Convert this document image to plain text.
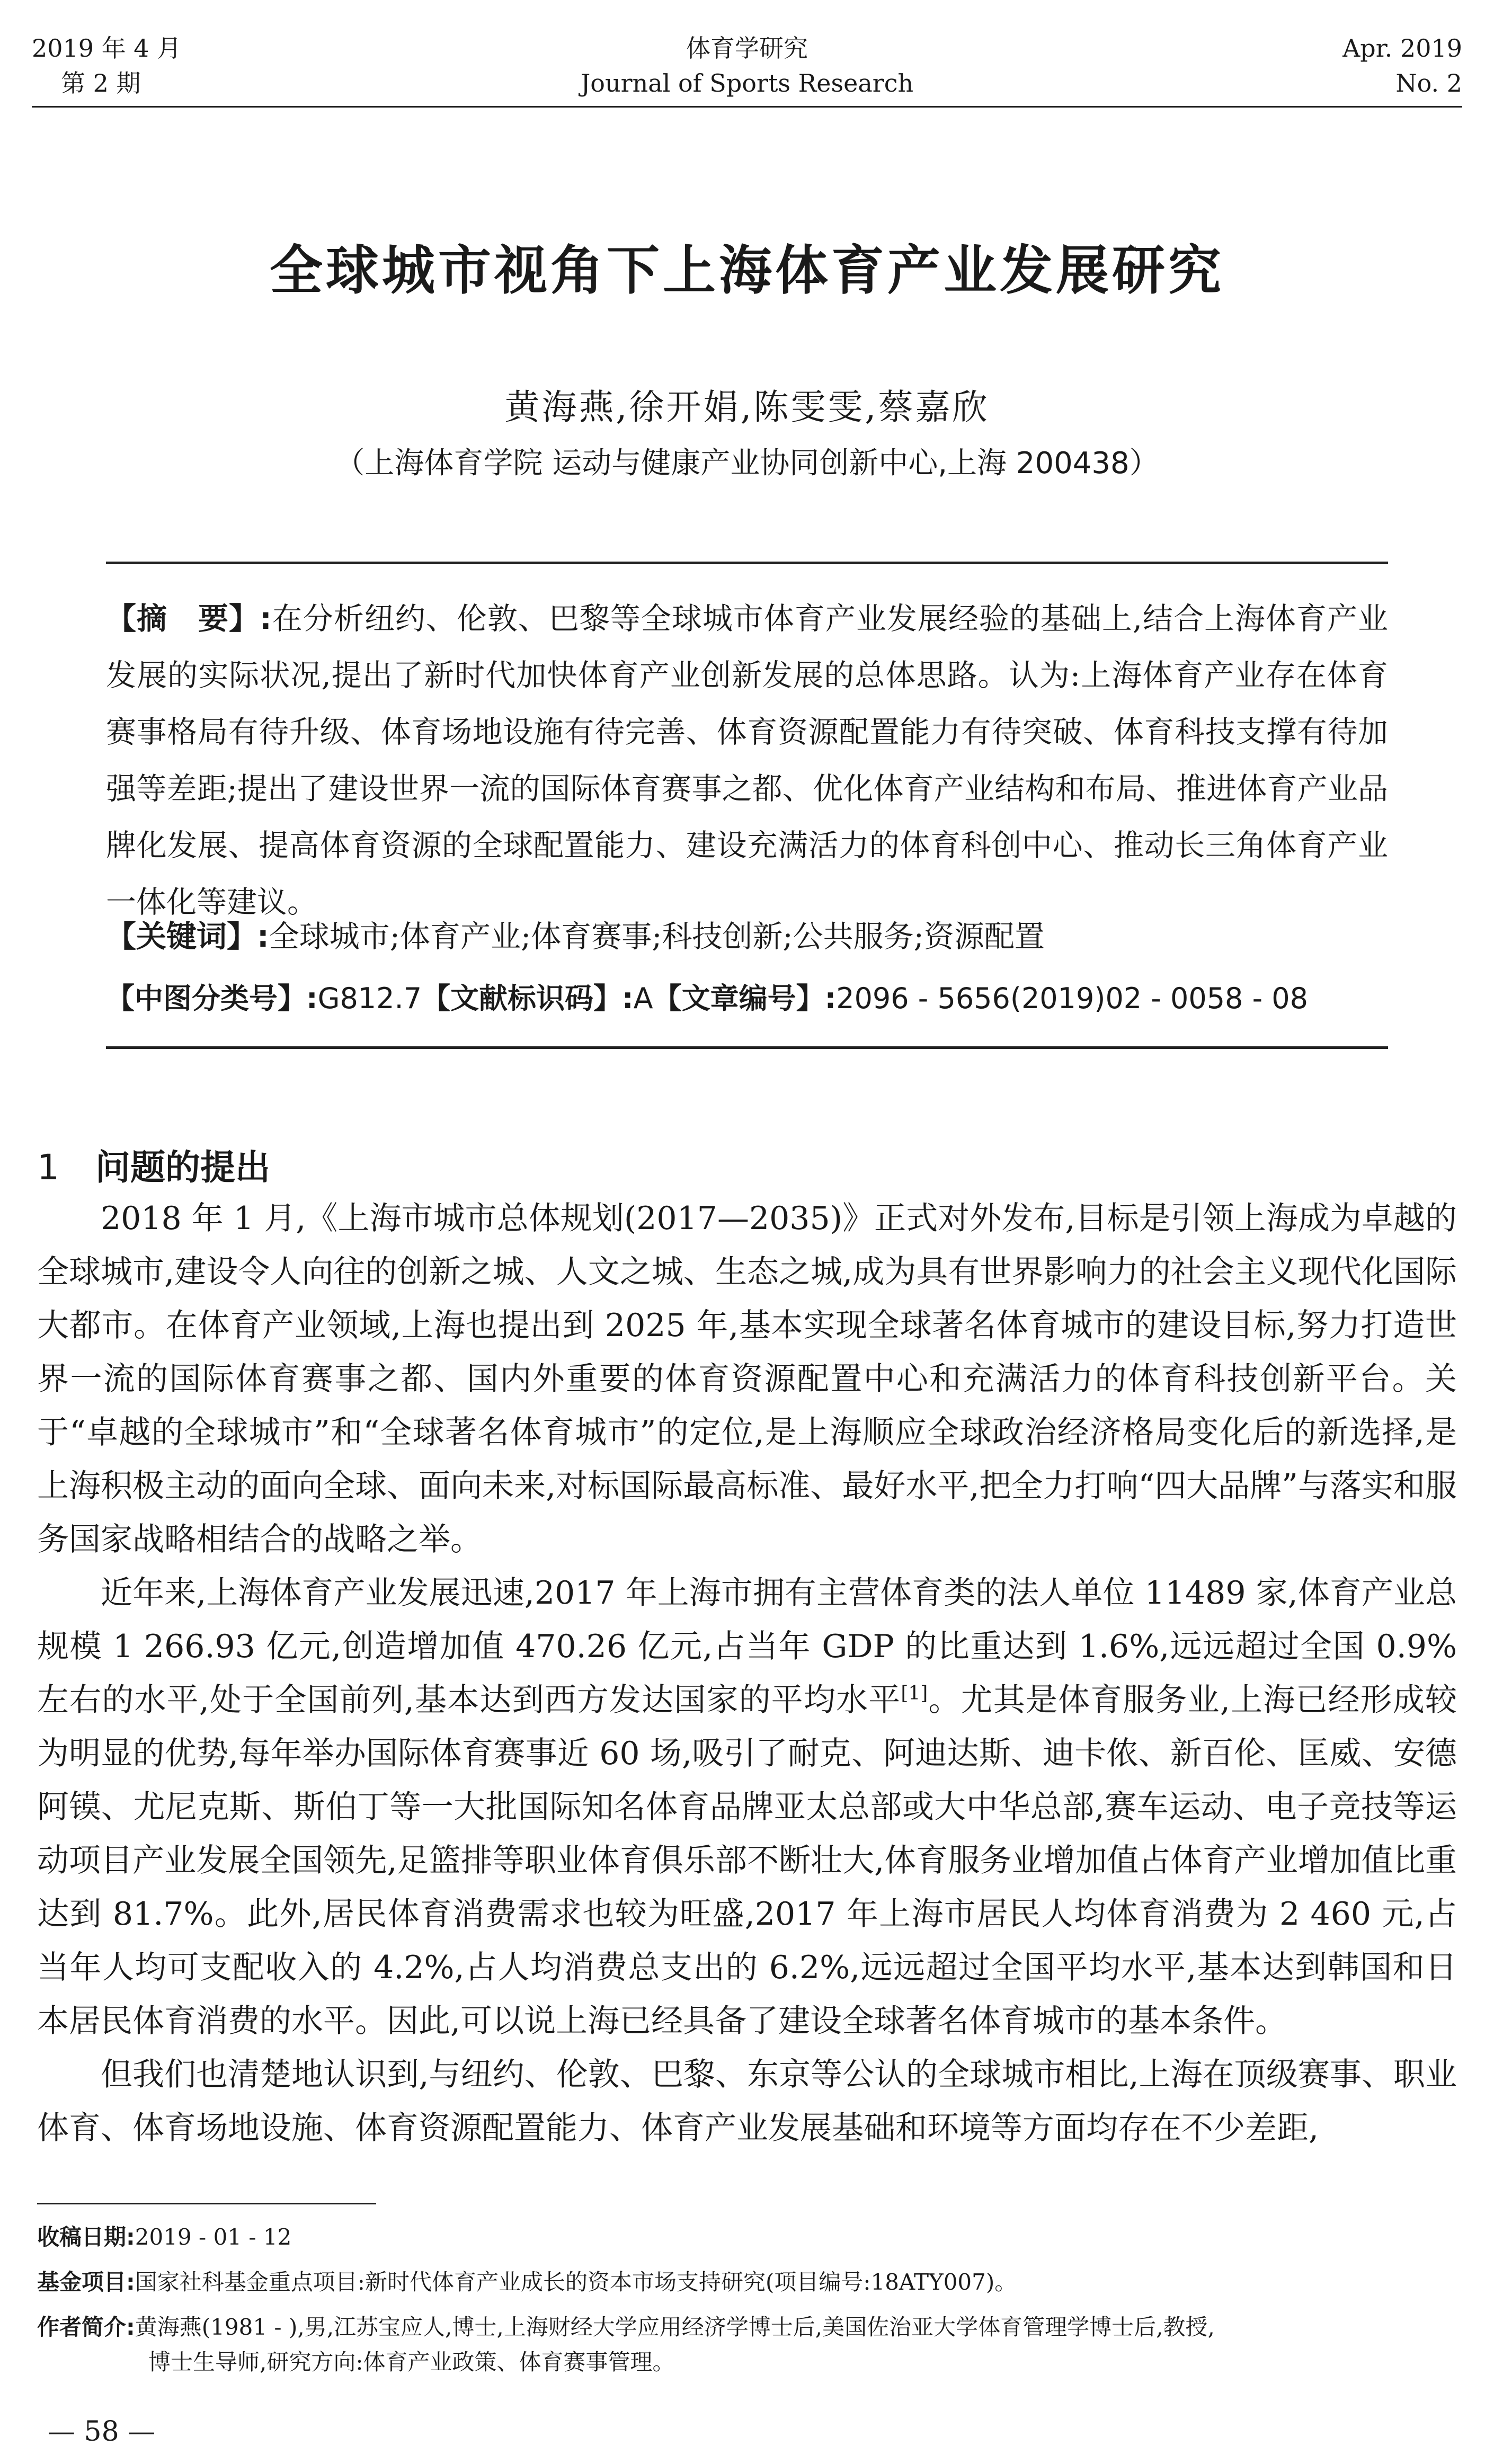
2019 年 4 月
第 2 期
体育学研究
Journal of Sports Research
Apr. 2019
No. 2
全球城市视角下上海体育产业发展研究
黄海燕,徐开娟,陈雯雯,蔡嘉欣
（上海体育学院 运动与健康产业协同创新中心,上海 200438）
【摘　要】:在分析纽约、伦敦、巴黎等全球城市体育产业发展经验的基础上,结合上海体育产业发展的实际状况,提出了新时代加快体育产业创新发展的总体思路。认为:上海体育产业存在体育赛事格局有待升级、体育场地设施有待完善、体育资源配置能力有待突破、体育科技支撑有待加强等差距;提出了建设世界一流的国际体育赛事之都、优化体育产业结构和布局、推进体育产业品牌化发展、提高体育资源的全球配置能力、建设充满活力的体育科创中心、推动长三角体育产业一体化等建议。
【关键词】:全球城市;体育产业;体育赛事;科技创新;公共服务;资源配置
【中图分类号】:G812.7【文献标识码】:A【文章编号】:2096 - 5656(2019)02 - 0058 - 08
1 问题的提出

2018 年 1 月,《上海市城市总体规划(2017—2035)》正式对外发布,目标是引领上海成为卓越的全球城市,建设令人向往的创新之城、人文之城、生态之城,成为具有世界影响力的社会主义现代化国际大都市。在体育产业领域,上海也提出到 2025 年,基本实现全球著名体育城市的建设目标,努力打造世界一流的国际体育赛事之都、国内外重要的体育资源配置中心和充满活力的体育科技创新平台。关于“卓越的全球城市”和“全球著名体育城市”的定位,是上海顺应全球政治经济格局变化后的新选择,是上海积极主动的面向全球、面向未来,对标国际最高标准、最好水平,把全力打响“四大品牌”与落实和服务国家战略相结合的战略之举。

近年来,上海体育产业发展迅速,2017 年上海市拥有主营体育类的法人单位 11489 家,体育产业总规模 1 266.93 亿元,创造增加值 470.26 亿元,占当年 GDP 的比重达到 1.6%,远远超过全国 0.9%左右的水平,处于全国前列,基本达到西方发达国家的平均水平[1]。尤其是体育服务业,上海已经形成较为明显的优势,每年举办国际体育赛事近 60 场,吸引了耐克、阿迪达斯、迪卡侬、新百伦、匡威、安德阿镆、尤尼克斯、斯伯丁等一大批国际知名体育品牌亚太总部或大中华总部,赛车运动、电子竞技等运动项目产业发展全国领先,足篮排等职业体育俱乐部不断壮大,体育服务业增加值占体育产业增加值比重达到 81.7%。此外,居民体育消费需求也较为旺盛,2017 年上海市居民人均体育消费为 2 460 元,占当年人均可支配收入的 4.2%,占人均消费总支出的 6.2%,远远超过全国平均水平,基本达到韩国和日本居民体育消费的水平。因此,可以说上海已经具备了建设全球著名体育城市的基本条件。

但我们也清楚地认识到,与纽约、伦敦、巴黎、东京等公认的全球城市相比,上海在顶级赛事、职业体育、体育场地设施、体育资源配置能力、体育产业发展基础和环境等方面均存在不少差距,

收稿日期:2019 - 01 - 12
基金项目:国家社科基金重点项目:新时代体育产业成长的资本市场支持研究(项目编号:18ATY007)。
作者简介:黄海燕(1981 - ),男,江苏宝应人,博士,上海财经大学应用经济学博士后,美国佐治亚大学体育管理学博士后,教授,
博士生导师,研究方向:体育产业政策、体育赛事管理。
— 58 —
